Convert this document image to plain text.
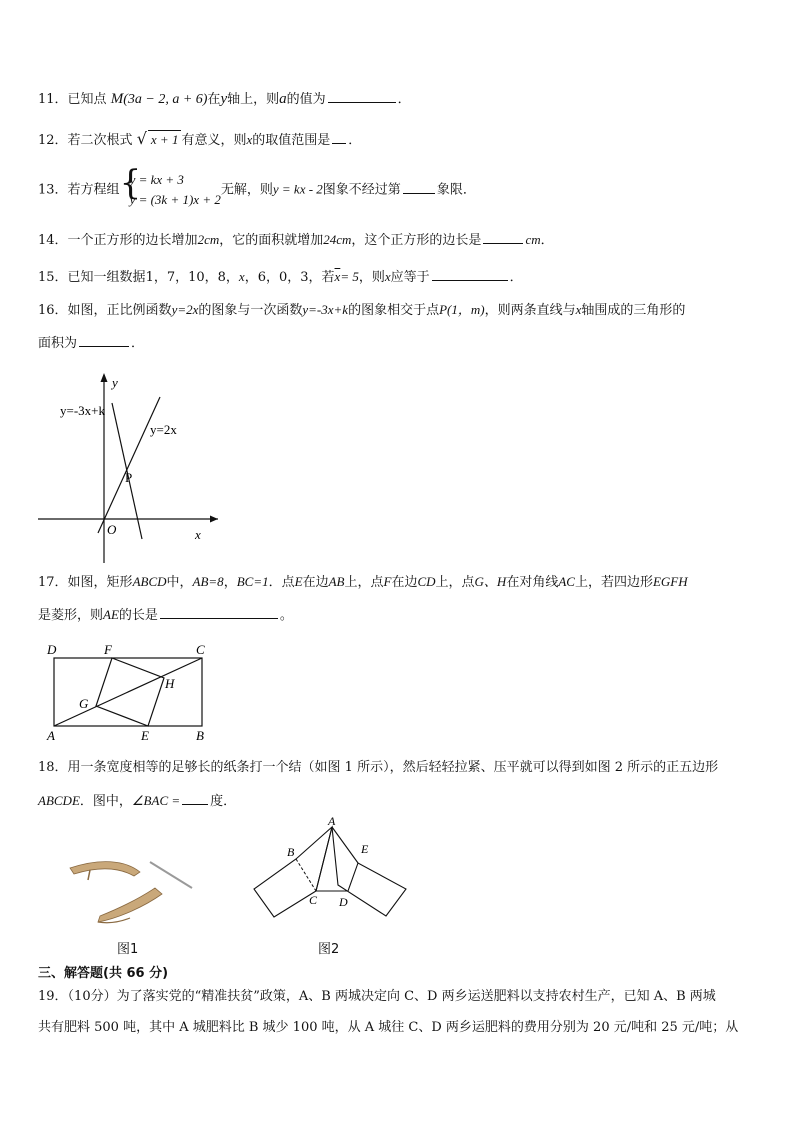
11．已知点 M(3a − 2, a + 6)在y轴上，则a的值为	．
12．若二次根式 √ x + 1 有意义，则x的取值范围是 ．
13．若方程组 {
y = kx + 3
y = (3k + 1)x + 2
无解，则y = kx - 2图象不经过第	象限．
14．一个正方形的边长增加2cm，它的面积就增加24cm，这个正方形的边长是	cm．
15．已知一组数据1，7，10，8，x，6，0，3，若$\overline{x}= 5$，则x应等于	．
16．如图，正比例函数y=2x的图象与一次函数y=-3x+k的图象相交于点P(1，m)，则两条直线与x轴围成的三角形的
面积为	．
y
x
O
P
y=-3x+k
y=2x
17．如图，矩形ABCD中，AB=8，BC=1．点E在边AB上，点F在边CD上，点G、H在对角线AC上，若四边形EGFH
是菱形，则AE的长是	。
D	F	C
G
H
A	E	B
18．用一条宽度相等的足够长的纸条打一个结（如图 1 所示），然后轻轻拉紧、压平就可以得到如图 2 所示的正五边形
ABCDE．图中，∠BAC = 度．
图1
A
B
C D
E
图2
三、解答题(共 66 分)
19．（10分）为了落实党的“精准扶贫”政策，A、B 两城决定向 C、D 两乡运送肥料以支持农村生产，已知 A、B 两城
共有肥料 500 吨，其中 A 城肥料比 B 城少 100 吨，从 A 城往 C、D 两乡运肥料的费用分别为 20 元/吨和 25 元/吨；从
